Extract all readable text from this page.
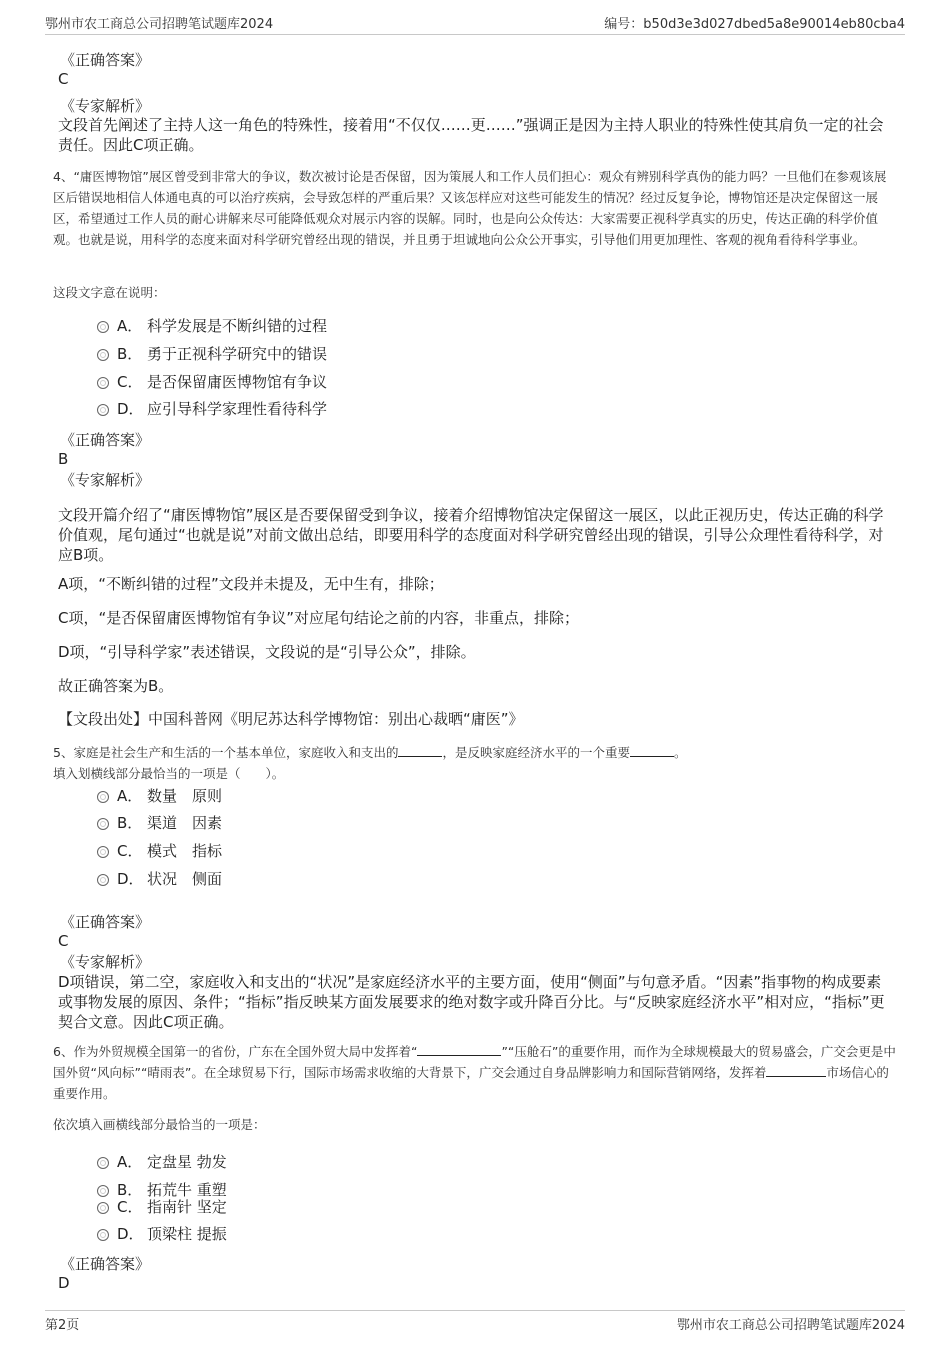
鄂州市农工商总公司招聘笔试题库2024	编号：b50d3e3d027dbed5a8e90014eb80cba4
《正确答案》
C
《专家解析》
文段首先阐述了主持人这一角色的特殊性，接着用“不仅仅……更……”强调正是因为主持人职业的特殊性使其肩负一定的社会责任。因此C项正确。
4、“庸医博物馆”展区曾受到非常大的争议，数次被讨论是否保留，因为策展人和工作人员们担心：观众有辨别科学真伪的能力吗？一旦他们在参观该展区后错误地相信人体通电真的可以治疗疾病，会导致怎样的严重后果？又该怎样应对这些可能发生的情况？经过反复争论，博物馆还是决定保留这一展区，希望通过工作人员的耐心讲解来尽可能降低观众对展示内容的误解。同时，也是向公众传达：大家需要正视科学真实的历史，传达正确的科学价值观。也就是说，用科学的态度来面对科学研究曾经出现的错误，并且勇于坦诚地向公众公开事实，引导他们用更加理性、客观的视角看待科学事业。
这段文字意在说明：
A． 科学发展是不断纠错的过程
B． 勇于正视科学研究中的错误
C． 是否保留庸医博物馆有争议
D． 应引导科学家理性看待科学
《正确答案》
B
《专家解析》
文段开篇介绍了“庸医博物馆”展区是否要保留受到争议，接着介绍博物馆决定保留这一展区，以此正视历史，传达正确的科学价值观，尾句通过“也就是说”对前文做出总结，即要用科学的态度面对科学研究曾经出现的错误，引导公众理性看待科学，对应B项。
A项，“不断纠错的过程”文段并未提及，无中生有，排除；
C项，“是否保留庸医博物馆有争议”对应尾句结论之前的内容，非重点，排除；
D项，“引导科学家”表述错误，文段说的是“引导公众”，排除。
故正确答案为B。
【文段出处】中国科普网《明尼苏达科学博物馆：别出心裁晒“庸医”》
5、家庭是社会生产和生活的一个基本单位，家庭收入和支出的	，是反映家庭经济水平的一个重要	。
填入划横线部分最恰当的一项是（　　）。
A． 数量　原则
B． 渠道　因素
C． 模式　指标
D． 状况　侧面
《正确答案》
C
《专家解析》
D项错误，第二空，家庭收入和支出的“状况”是家庭经济水平的主要方面，使用“侧面”与句意矛盾。“因素”指事物的构成要素或事物发展的原因、条件；“指标”指反映某方面发展要求的绝对数字或升降百分比。与“反映家庭经济水平”相对应，“指标”更契合文意。因此C项正确。
6、作为外贸规模全国第一的省份，广东在全国外贸大局中发挥着“	”“压舱石”的重要作用，而作为全球规模最大的贸易盛会，广交会更是中国外贸“风向标”“晴雨表”。在全球贸易下行，国际市场需求收缩的大背景下，广交会通过自身品牌影响力和国际营销网络，发挥着	市场信心的重要作用。
依次填入画横线部分最恰当的一项是：
A． 定盘星 勃发
B． 拓荒牛 重塑
C． 指南针 坚定
D． 顶梁柱 提振
《正确答案》
D
第2页	鄂州市农工商总公司招聘笔试题库2024
